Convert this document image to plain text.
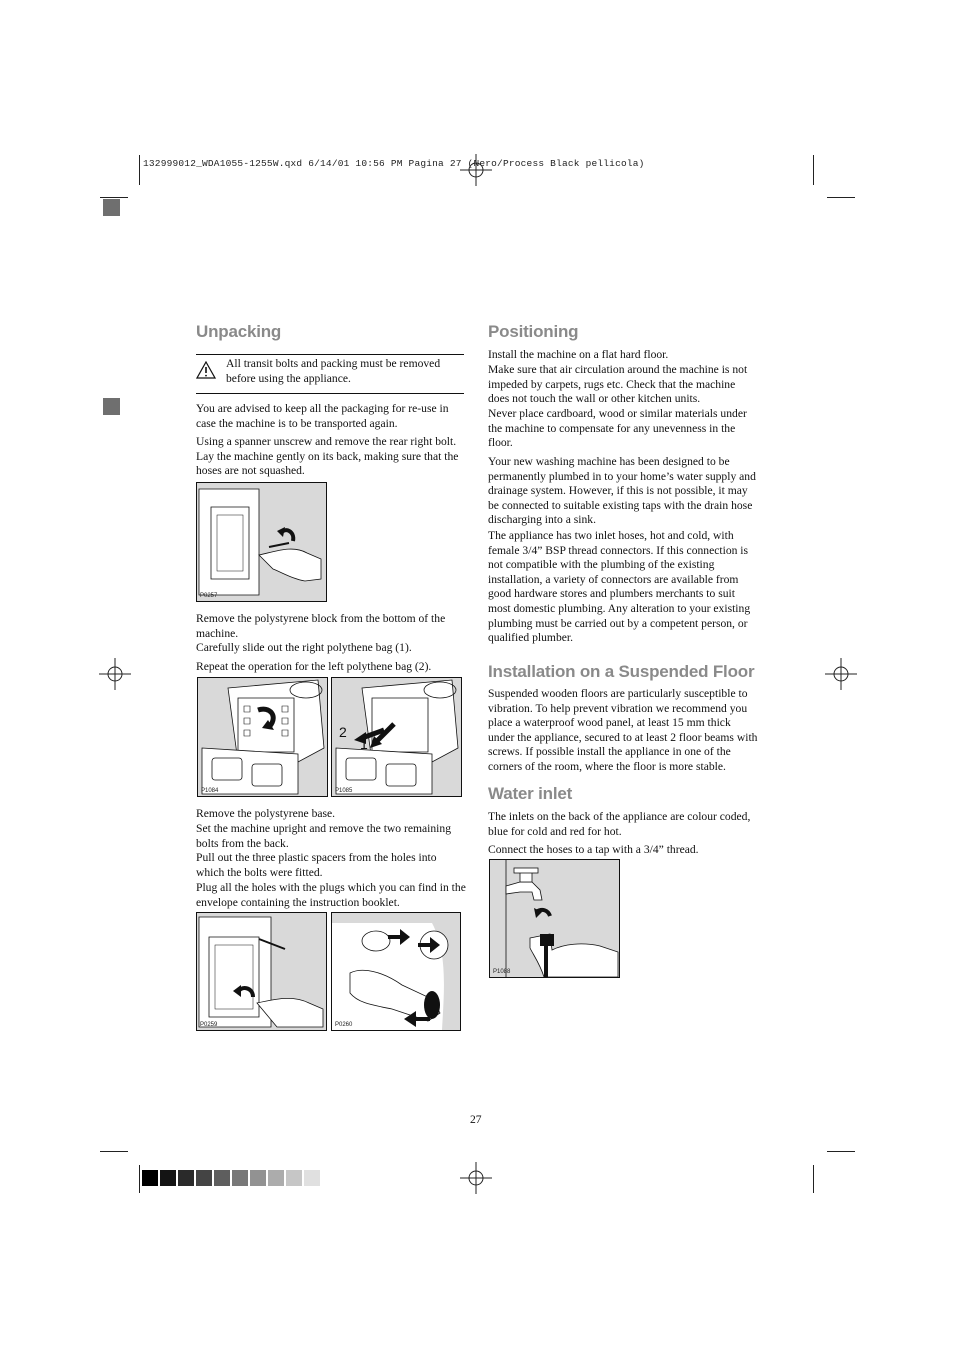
132999012_WDA1055-1255W.qxd 6/14/01 10:56 PM Pagina 27 (Nero/Process Black pellicola)
Unpacking

All transit bolts and packing must be removed before using the appliance.

You are advised to keep all the packaging for re-use in case the machine is to be transported again.

Using a spanner unscrew and remove the rear right bolt. Lay the machine gently on its back, making sure that the hoses are not squashed.

P0257

Remove the polystyrene block from the bottom of the machine.

Carefully slide out the right polythene bag (1).

Repeat the operation for the left polythene bag (2).

P1084
2
1
P1085

Remove the polystyrene base.

Set the machine upright and remove the two remaining bolts from the back.

Pull out the three plastic spacers from the holes into which the bolts were fitted.

Plug all the holes with the plugs which you can find in the envelope containing the instruction booklet.

P0259	P0260
Positioning

Install the machine on a flat hard floor.

Make sure that air circulation around the machine is not impeded by carpets, rugs etc. Check that the machine does not touch the wall or other kitchen units.

Never place cardboard, wood or similar materials under the machine to compensate for any unevenness in the floor.

Your new washing machine has been designed to be permanently plumbed in to your home’s water supply and drainage system. However, if this is not possible, it may be connected to suitable existing taps with the drain hose discharging into a sink.

The appliance has two inlet hoses, hot and cold, with female 3/4” BSP thread connectors. If this connection is not compatible with the plumbing of the existing installation, a variety of connectors are available from good hardware stores and plumbers merchants to suit most domestic plumbing. Any alteration to your existing plumbing must be carried out by a competent person, or qualified plumber.

Installation on a Suspended Floor

Suspended wooden floors are particularly susceptible to vibration. To help prevent vibration we recommend you place a waterproof wood panel, at least 15 mm thick under the appliance, secured to at least 2 floor beams with screws. If possible install the appliance in one of the corners of the room, where the floor is more stable.

Water inlet

The inlets on the back of the appliance are colour coded, blue for cold and red for hot.

Connect the hoses to a tap with a 3/4” thread.

P1088
27
